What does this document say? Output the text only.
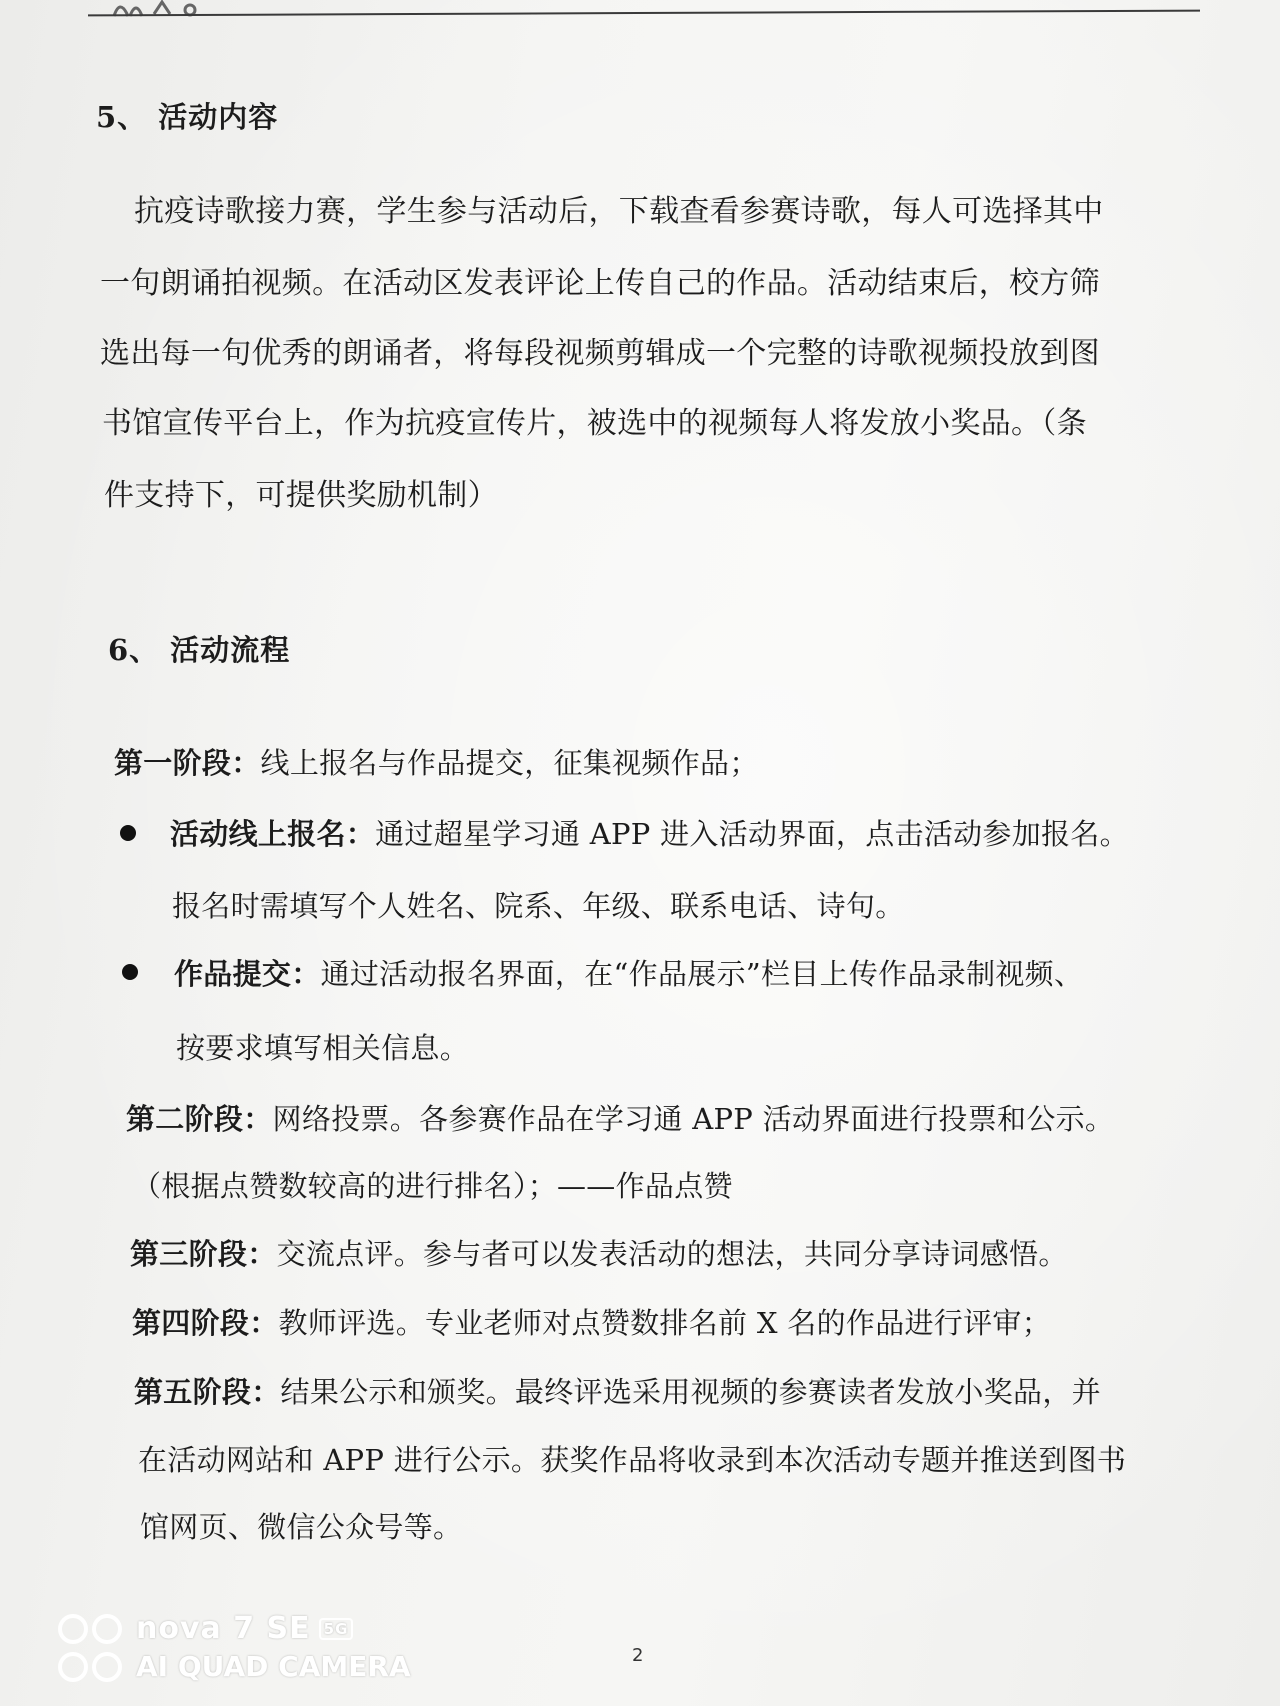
5、 活动内容
抗疫诗歌接力赛，学生参与活动后，下载查看参赛诗歌，每人可选择其中
一句朗诵拍视频。在活动区发表评论上传自己的作品。活动结束后，校方筛
选出每一句优秀的朗诵者，将每段视频剪辑成一个完整的诗歌视频投放到图
书馆宣传平台上，作为抗疫宣传片，被选中的视频每人将发放小奖品。（条
件支持下，可提供奖励机制）
6、 活动流程
第一阶段：线上报名与作品提交，征集视频作品；
活动线上报名：通过超星学习通 APP 进入活动界面，点击活动参加报名。
报名时需填写个人姓名、院系、年级、联系电话、诗句。
作品提交：通过活动报名界面，在“作品展示”栏目上传作品录制视频、
按要求填写相关信息。
第二阶段：网络投票。各参赛作品在学习通 APP 活动界面进行投票和公示。
（根据点赞数较高的进行排名）；——作品点赞
第三阶段：交流点评。参与者可以发表活动的想法，共同分享诗词感悟。
第四阶段：教师评选。专业老师对点赞数排名前 X 名的作品进行评审；
第五阶段：结果公示和颁奖。最终评选采用视频的参赛读者发放小奖品，并
在活动网站和 APP 进行公示。获奖作品将收录到本次活动专题并推送到图书
馆网页、微信公众号等。
2
nova 7 SE 5G
AI QUAD CAMERA
